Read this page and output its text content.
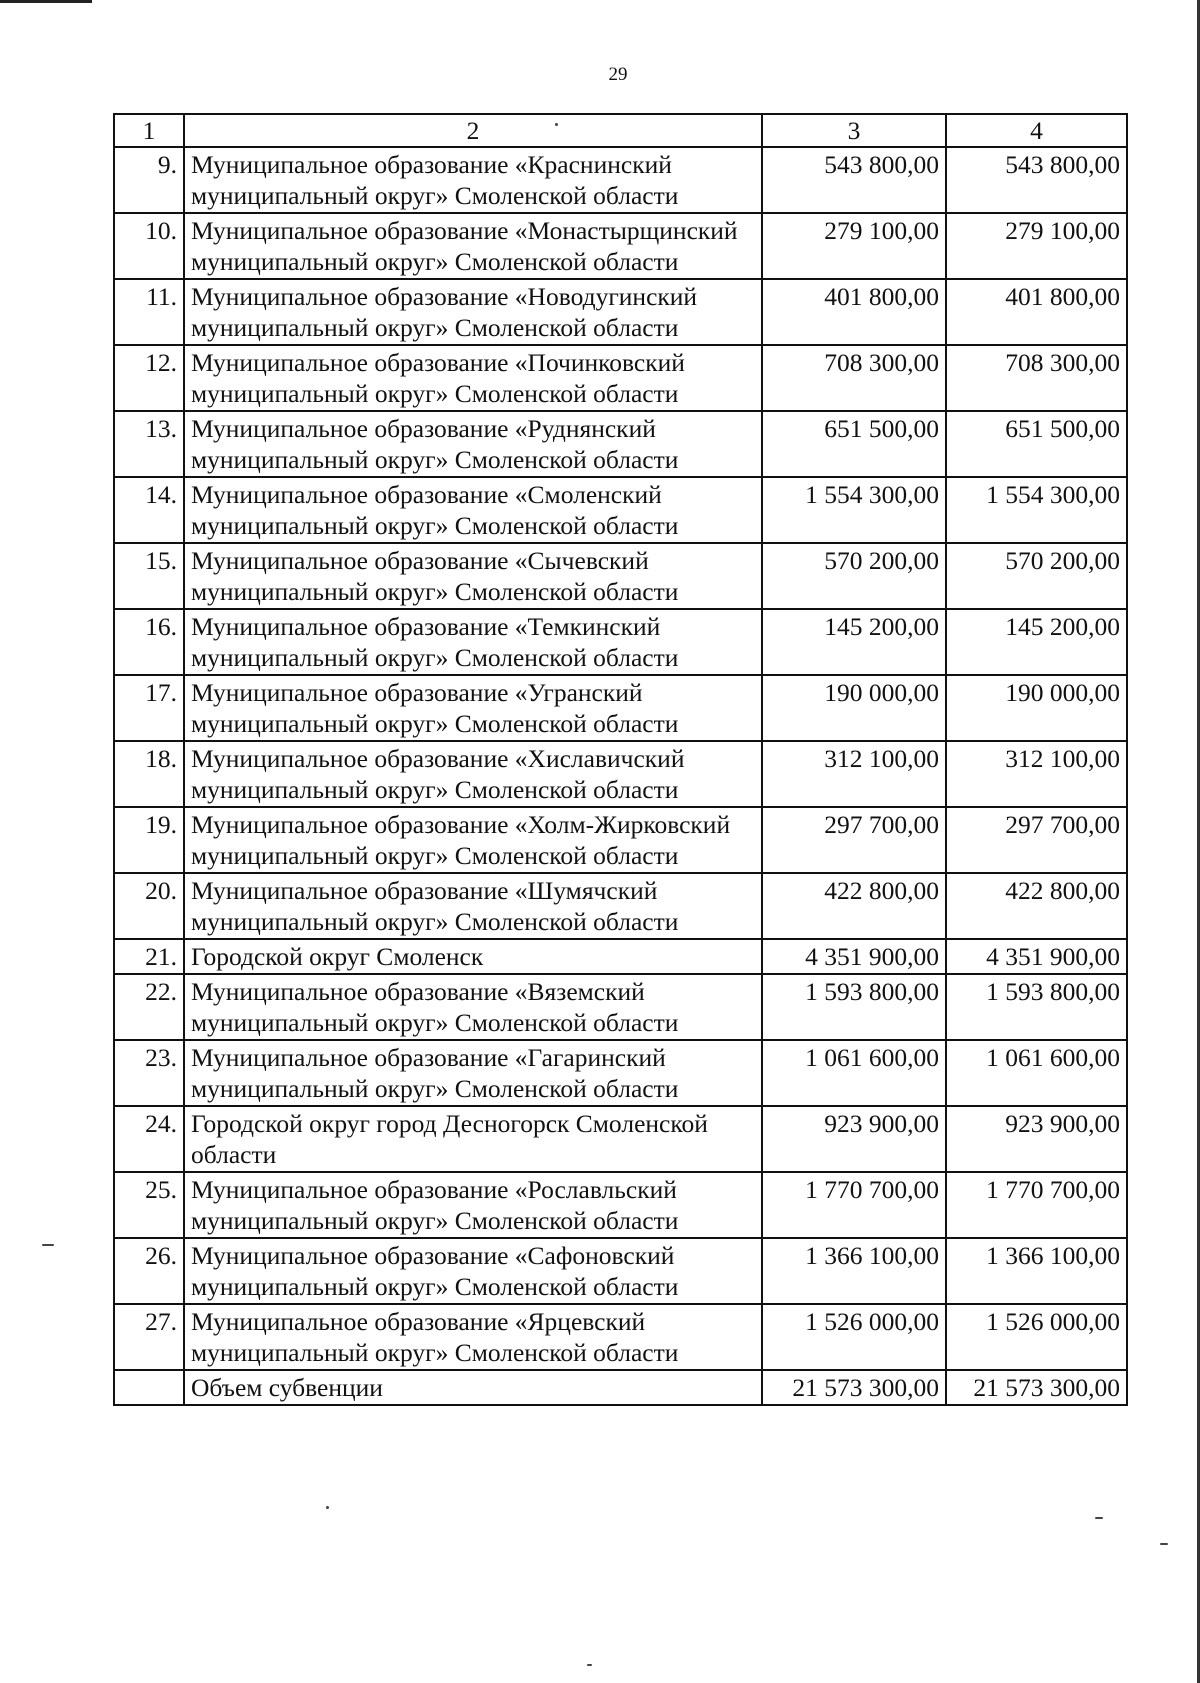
29
1	2	3	4
9.	Муниципальное образование «Краснинский муниципальный округ» Смоленской области	543 800,00	543 800,00
10.	Муниципальное образование «Монастырщинский муниципальный округ» Смоленской области	279 100,00	279 100,00
11.	Муниципальное образование «Новодугинский муниципальный округ» Смоленской области	401 800,00	401 800,00
12.	Муниципальное образование «Починковский муниципальный округ» Смоленской области	708 300,00	708 300,00
13.	Муниципальное образование «Руднянский муниципальный округ» Смоленской области	651 500,00	651 500,00
14.	Муниципальное образование «Смоленский муниципальный округ» Смоленской области	1 554 300,00	1 554 300,00
15.	Муниципальное образование «Сычевский муниципальный округ» Смоленской области	570 200,00	570 200,00
16.	Муниципальное образование «Темкинский муниципальный округ» Смоленской области	145 200,00	145 200,00
17.	Муниципальное образование «Угранский муниципальный округ» Смоленской области	190 000,00	190 000,00
18.	Муниципальное образование «Хиславичский муниципальный округ» Смоленской области	312 100,00	312 100,00
19.	Муниципальное образование «Холм-Жирковский муниципальный округ» Смоленской области	297 700,00	297 700,00
20.	Муниципальное образование «Шумячский муниципальный округ» Смоленской области	422 800,00	422 800,00
21.	Городской округ Смоленск	4 351 900,00	4 351 900,00
22.	Муниципальное образование «Вяземский муниципальный округ» Смоленской области	1 593 800,00	1 593 800,00
23.	Муниципальное образование «Гагаринский муниципальный округ» Смоленской области	1 061 600,00	1 061 600,00
24.	Городской округ город Десногорск Смоленской области	923 900,00	923 900,00
25.	Муниципальное образование «Рославльский муниципальный округ» Смоленской области	1 770 700,00	1 770 700,00
26.	Муниципальное образование «Сафоновский муниципальный округ» Смоленской области	1 366 100,00	1 366 100,00
27.	Муниципальное образование «Ярцевский муниципальный округ» Смоленской области	1 526 000,00	1 526 000,00
	Объем субвенции	21 573 300,00	21 573 300,00
